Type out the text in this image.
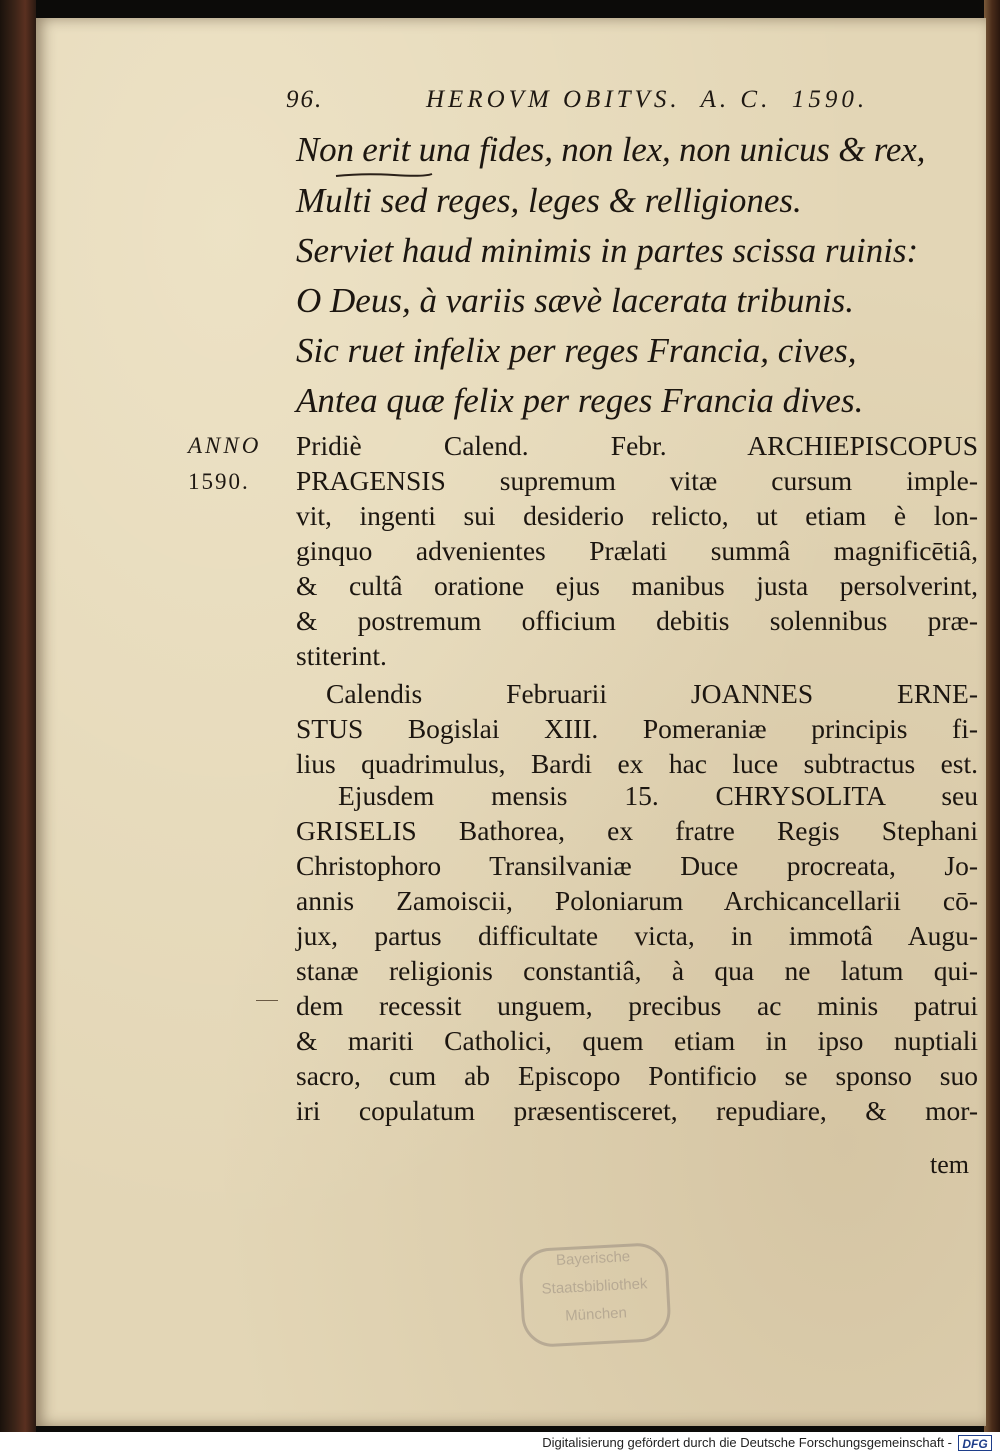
96.

	HEROVM OBITVS. A. C.  1590.

Non erit una fides, non lex, non unicus & rex,
Multi sed reges, leges & relligiones.
Serviet haud minimis in partes scissa ruinis:
O Deus, à variis sævè lacerata tribunis.
Sic ruet infelix per reges Francia, cives,
Antea quæ felix per reges Francia dives.
ANNO
1590.
Pridiè Calend. Febr. ARCHIEPISCOPUS
PRAGENSIS supremum vitæ cursum imple-
vit, ingenti sui desiderio relicto, ut etiam è lon-
ginquo advenientes Prælati summâ magnificētiâ,
& cultâ oratione ejus manibus justa persolverint,
& postremum officium debitis solennibus præ-
stiterint.
Calendis Februarii JOANNES ERNE-
STUS Bogislai XIII. Pomeraniæ principis fi-
lius quadrimulus, Bardi ex hac luce subtractus est.
Ejusdem mensis 15. CHRYSOLITA seu
GRISELIS Bathorea, ex fratre Regis Stephani
Christophoro Transilvaniæ Duce procreata, Jo-
annis Zamoiscii, Poloniarum Archicancellarii cō-
jux, partus difficultate victa, in immotâ Augu-
stanæ religionis constantiâ, à qua ne latum qui-
dem recessit unguem, precibus ac minis patrui
& mariti Catholici, quem etiam in ipso nuptiali
sacro, cum ab Episcopo Pontificio se sponso suo
iri copulatum præsentisceret, repudiare, & mor-
tem
Bayerische
Staatsbibliothek
München
Digitalisierung gefördert durch die Deutsche Forschungsgemeinschaft - DFG
